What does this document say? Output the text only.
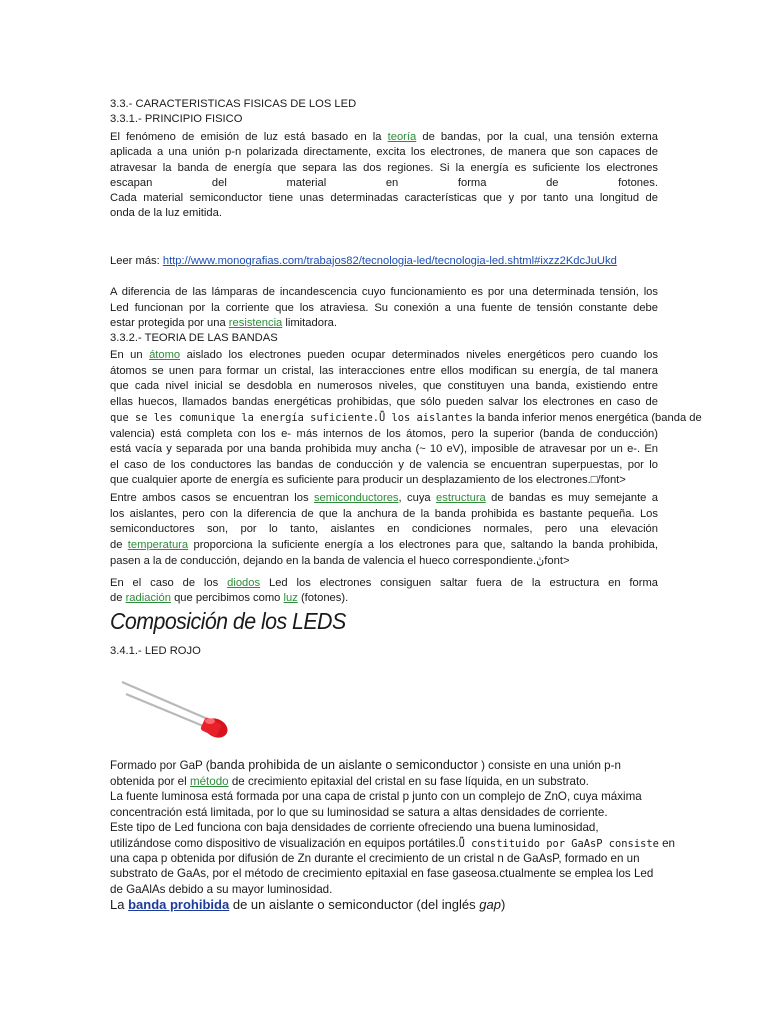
3.3.- CARACTERISTICAS FISICAS DE LOS LED
3.3.1.- PRINCIPIO FISICO
El fenómeno de emisión de luz está basado en la teoría de bandas, por la cual, una tensión externa
aplicada a una unión p-n polarizada directamente, excita los electrones, de manera que son capaces de
atravesar la banda de energía que separa las dos regiones. Si la energía es suficiente los electrones
escapan	del	material	en	forma	de	fotones.
Cada material semiconductor tiene unas determinadas características que y por tanto una longitud de
onda de la luz emitida.
Leer más: http://www.monografias.com/trabajos82/tecnologia-led/tecnologia-led.shtml#ixzz2KdcJuUkd
A diferencia de las lámparas de incandescencia cuyo funcionamiento es por una determinada tensión, los
Led funcionan por la corriente que los atraviesa. Su conexión a una fuente de tensión constante debe
estar protegida por una resistencia limitadora.
3.3.2.- TEORIA DE LAS BANDAS
En un átomo aislado los electrones pueden ocupar determinados niveles energéticos pero cuando los
átomos se unen para formar un cristal, las interacciones entre ellos modifican su energía, de tal manera
que cada nivel inicial se desdobla en numerosos niveles, que constituyen una banda, existiendo entre
ellas huecos, llamados bandas energéticas prohibidas, que sólo pueden salvar los electrones en caso de
que se les comunique la energía suficiente.Ǖ los aislantes la banda inferior menos energética (banda de
valencia) está completa con los e- más internos de los átomos, pero la superior (banda de conducción)
está vacía y separada por una banda prohibida muy ancha (~ 10 eV), imposible de atravesar por un e-. En
el caso de los conductores las bandas de conducción y de valencia se encuentran superpuestas, por lo
que cualquier aporte de energía es suficiente para producir un desplazamiento de los electrones.□/font>
Entre ambos casos se encuentran los semiconductores, cuya estructura de bandas es muy semejante a
los aislantes, pero con la diferencia de que la anchura de la banda prohibida es bastante pequeña. Los
semiconductores son, por lo tanto, aislantes en condiciones normales, pero una elevación
de temperatura proporciona la suficiente energía a los electrones para que, saltando la banda prohibida,
pasen a la de conducción, dejando en la banda de valencia el hueco correspondiente.ڽfont>
En el caso de los diodos Led los electrones consiguen saltar fuera de la estructura en forma
de radiación que percibimos como luz (fotones).
Composición de los LEDS
3.4.1.- LED ROJO
Formado por GaP (banda prohibida de un aislante o semiconductor ) consiste en una unión p-n
obtenida por el método de crecimiento epitaxial del cristal en su fase líquida, en un substrato.
La fuente luminosa está formada por una capa de cristal p junto con un complejo de ZnO, cuya máxima
concentración está limitada, por lo que su luminosidad se satura a altas densidades de corriente.
Este tipo de Led funciona con baja densidades de corriente ofreciendo una buena luminosidad,
utilizándose como dispositivo de visualización en equipos portátiles.Ǖ constituido por GaAsP consiste en
una capa p obtenida por difusión de Zn durante el crecimiento de un cristal n de GaAsP, formado en un
substrato de GaAs, por el método de crecimiento epitaxial en fase gaseosa.ctualmente se emplea los Led
de GaAlAs debido a su mayor luminosidad.
La banda prohibida de un aislante o semiconductor (del inglés gap)
